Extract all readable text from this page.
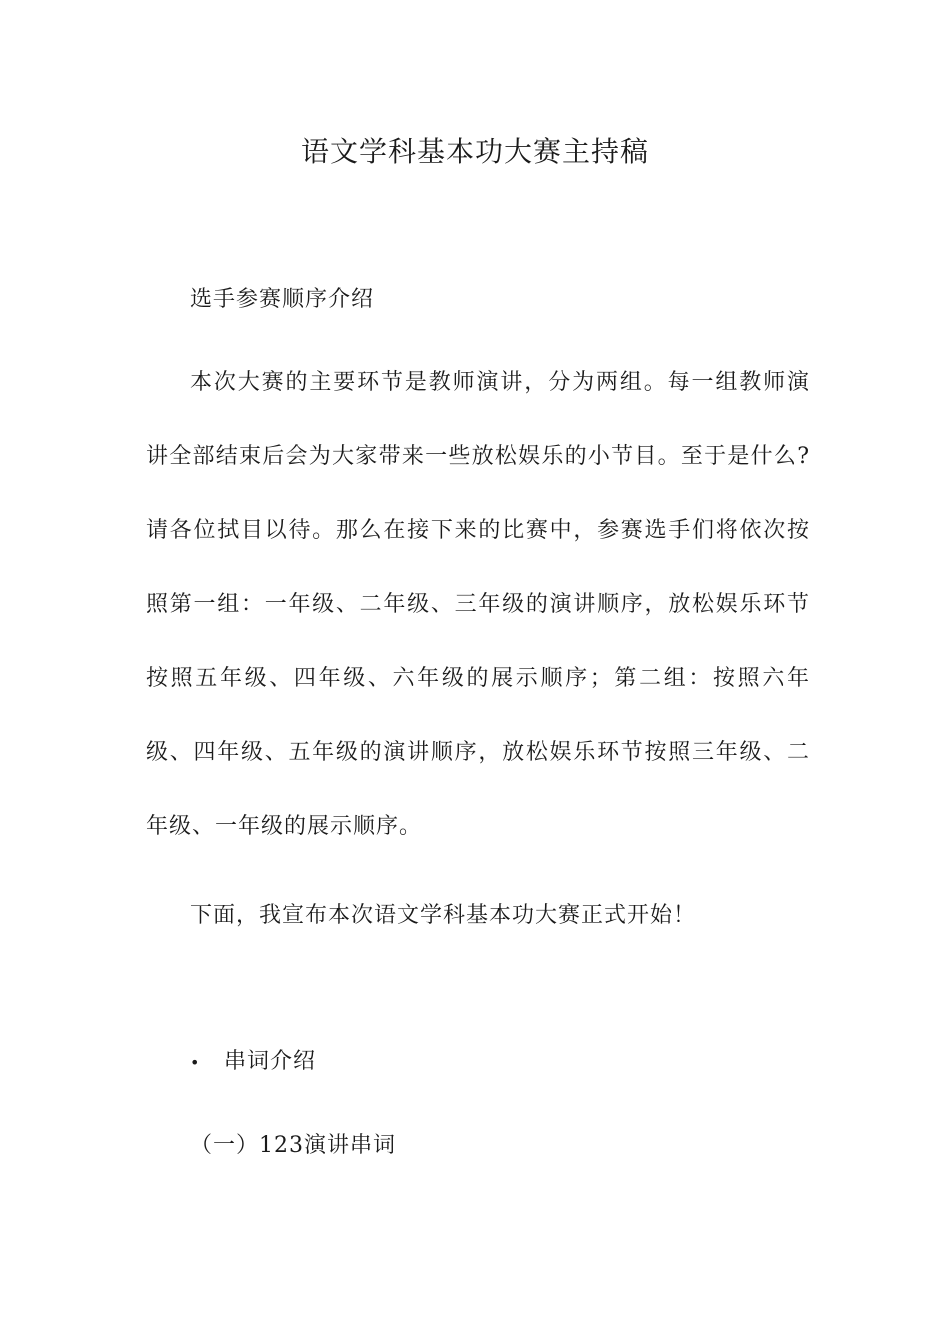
语文学科基本功大赛主持稿

选手参赛顺序介绍

本次大赛的主要环节是教师演讲，分为两组。每一组教师演讲全部结束后会为大家带来一些放松娱乐的小节目。至于是什么?请各位拭目以待。那么在接下来的比赛中，参赛选手们将依次按照第一组：一年级、二年级、三年级的演讲顺序，放松娱乐环节按照五年级、四年级、六年级的展示顺序；第二组：按照六年级、四年级、五年级的演讲顺序，放松娱乐环节按照三年级、二年级、一年级的展示顺序。

下面，我宣布本次语文学科基本功大赛正式开始！

• 串词介绍
（一）123演讲串词
